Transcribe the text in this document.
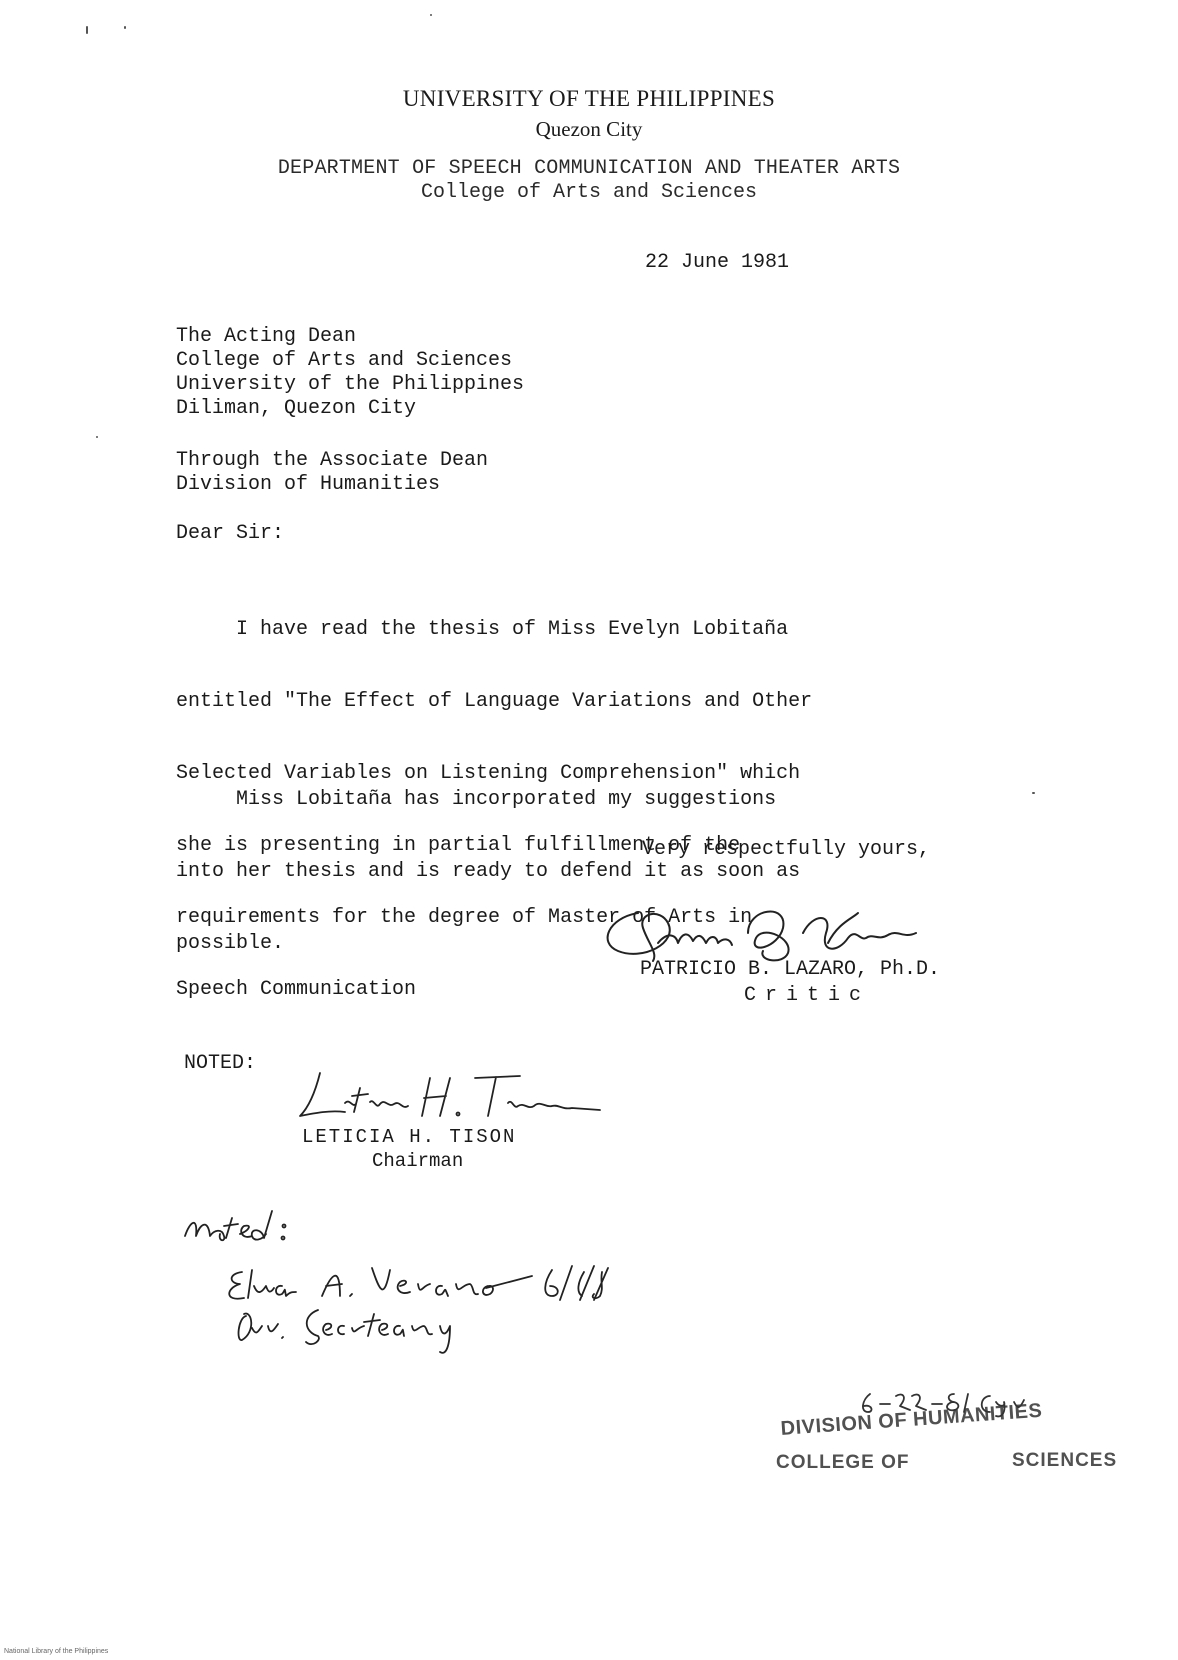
UNIVERSITY OF THE PHILIPPINES
Quezon City
DEPARTMENT OF SPEECH COMMUNICATION AND THEATER ARTS
College of Arts and Sciences
22 June 1981
The Acting Dean
College of Arts and Sciences
University of the Philippines
Diliman, Quezon City
Through the Associate Dean
Division of Humanities
Dear Sir:

I have read the thesis of Miss Evelyn Lobitaña

entitled "The Effect of Language Variations and Other

Selected Variables on Listening Comprehension" which

she is presenting in partial fulfillment of the

requirements for the degree of Master of Arts in

Speech Communication

Miss Lobitaña has incorporated my suggestions

into her thesis and is ready to defend it as soon as

possible.

Very respectfully yours,
PATRICIO B. LAZARO, Ph.D.
Critic
NOTED:
LETICIA H. TISON
Chairman
DIVISION OF HUMANITIES
COLLEGE OF	SCIENCES
National Library of the Philippines
